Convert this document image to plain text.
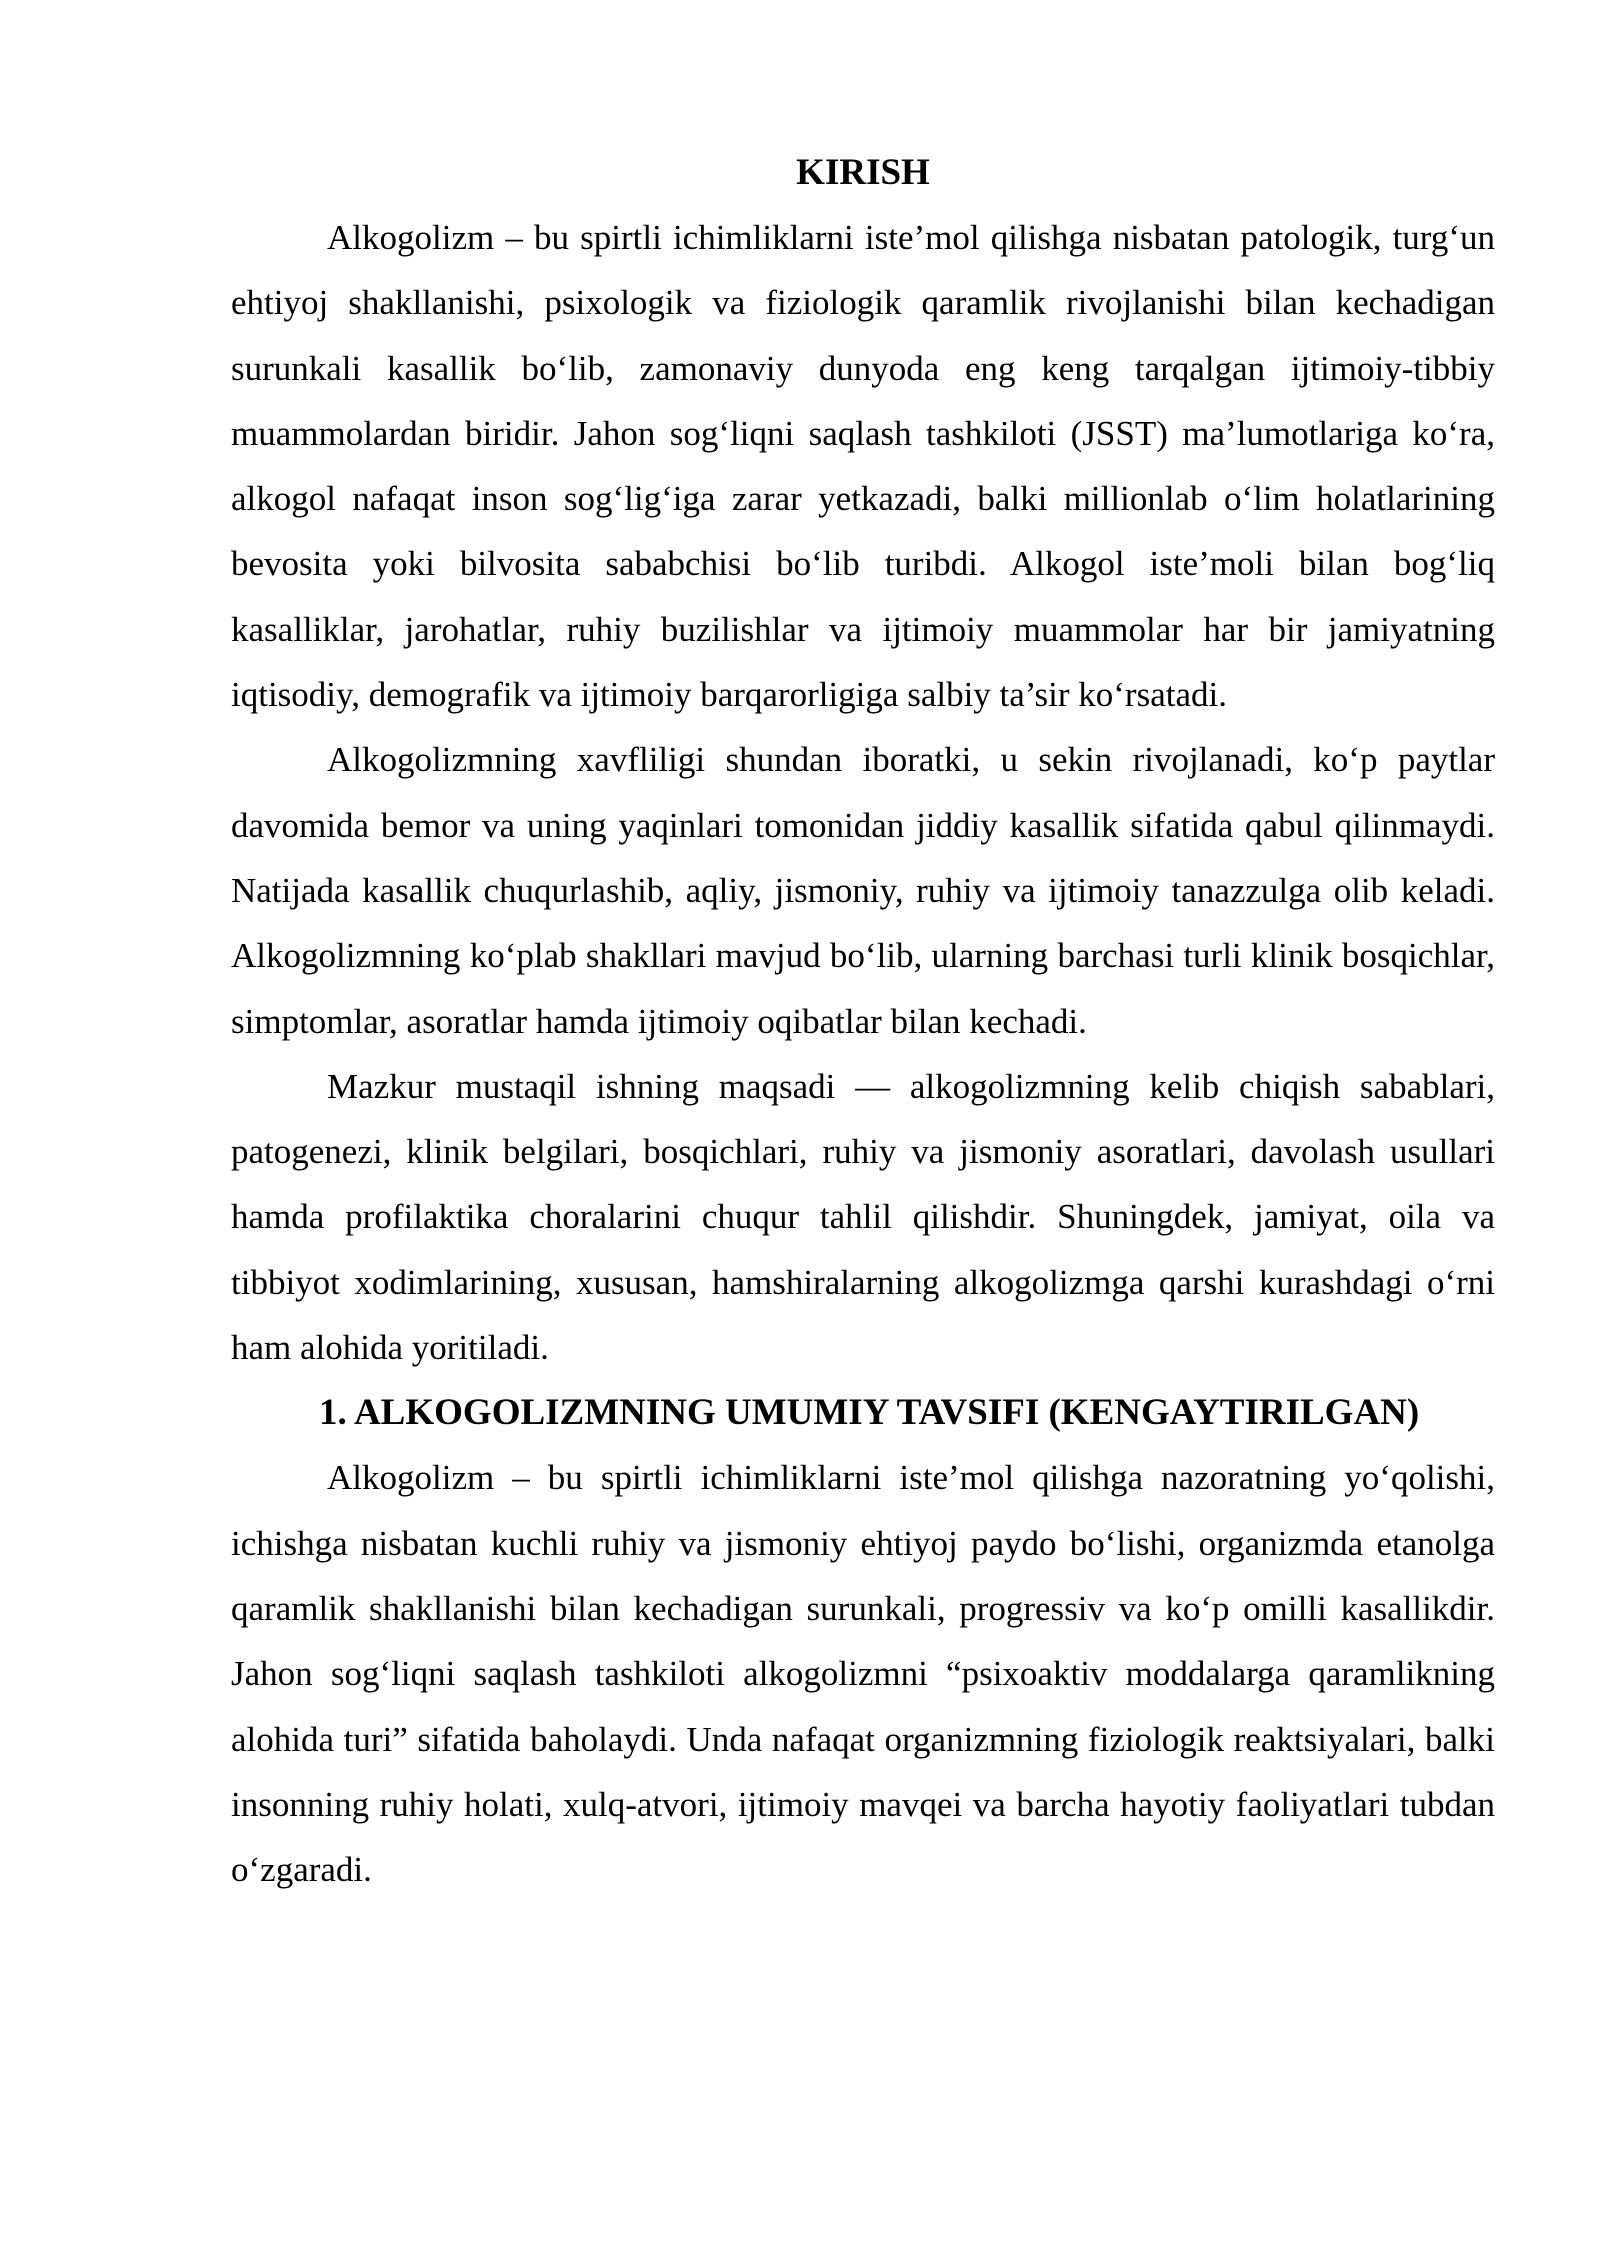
KIRISH

Alkogolizm – bu spirtli ichimliklarni iste’mol qilishga nisbatan patologik, turg‘un ehtiyoj shakllanishi, psixologik va fiziologik qaramlik rivojlanishi bilan kechadigan surunkali kasallik bo‘lib, zamonaviy dunyoda eng keng tarqalgan ijtimoiy-tibbiy muammolardan biridir. Jahon sog‘liqni saqlash tashkiloti (JSST) ma’lumotlariga ko‘ra, alkogol nafaqat inson sog‘lig‘iga zarar yetkazadi, balki millionlab o‘lim holatlarining bevosita yoki bilvosita sababchisi bo‘lib turibdi. Alkogol iste’moli bilan bog‘liq kasalliklar, jarohatlar, ruhiy buzilishlar va ijtimoiy muammolar har bir jamiyatning iqtisodiy, demografik va ijtimoiy barqarorligiga salbiy ta’sir ko‘rsatadi.

Alkogolizmning xavfliligi shundan iboratki, u sekin rivojlanadi, ko‘p paytlar davomida bemor va uning yaqinlari tomonidan jiddiy kasallik sifatida qabul qilinmaydi. Natijada kasallik chuqurlashib, aqliy, jismoniy, ruhiy va ijtimoiy tanazzulga olib keladi. Alkogolizmning ko‘plab shakllari mavjud bo‘lib, ularning barchasi turli klinik bosqichlar, simptomlar, asoratlar hamda ijtimoiy oqibatlar bilan kechadi.

Mazkur mustaqil ishning maqsadi — alkogolizmning kelib chiqish sabablari, patogenezi, klinik belgilari, bosqichlari, ruhiy va jismoniy asoratlari, davolash usullari hamda profilaktika choralarini chuqur tahlil qilishdir. Shuningdek, jamiyat, oila va tibbiyot xodimlarining, xususan, hamshiralarning alkogolizmga qarshi kurashdagi o‘rni ham alohida yoritiladi.

1. ALKOGOLIZMNING UMUMIY TAVSIFI (KENGAYTIRILGAN)

Alkogolizm – bu spirtli ichimliklarni iste’mol qilishga nazoratning yo‘qolishi, ichishga nisbatan kuchli ruhiy va jismoniy ehtiyoj paydo bo‘lishi, organizmda etanolga qaramlik shakllanishi bilan kechadigan surunkali, progressiv va ko‘p omilli kasallikdir. Jahon sog‘liqni saqlash tashkiloti alkogolizmni “psixoaktiv moddalarga qaramlikning alohida turi” sifatida baholaydi. Unda nafaqat organizmning fiziologik reaktsiyalari, balki insonning ruhiy holati, xulq-atvori, ijtimoiy mavqei va barcha hayotiy faoliyatlari tubdan o‘zgaradi.
